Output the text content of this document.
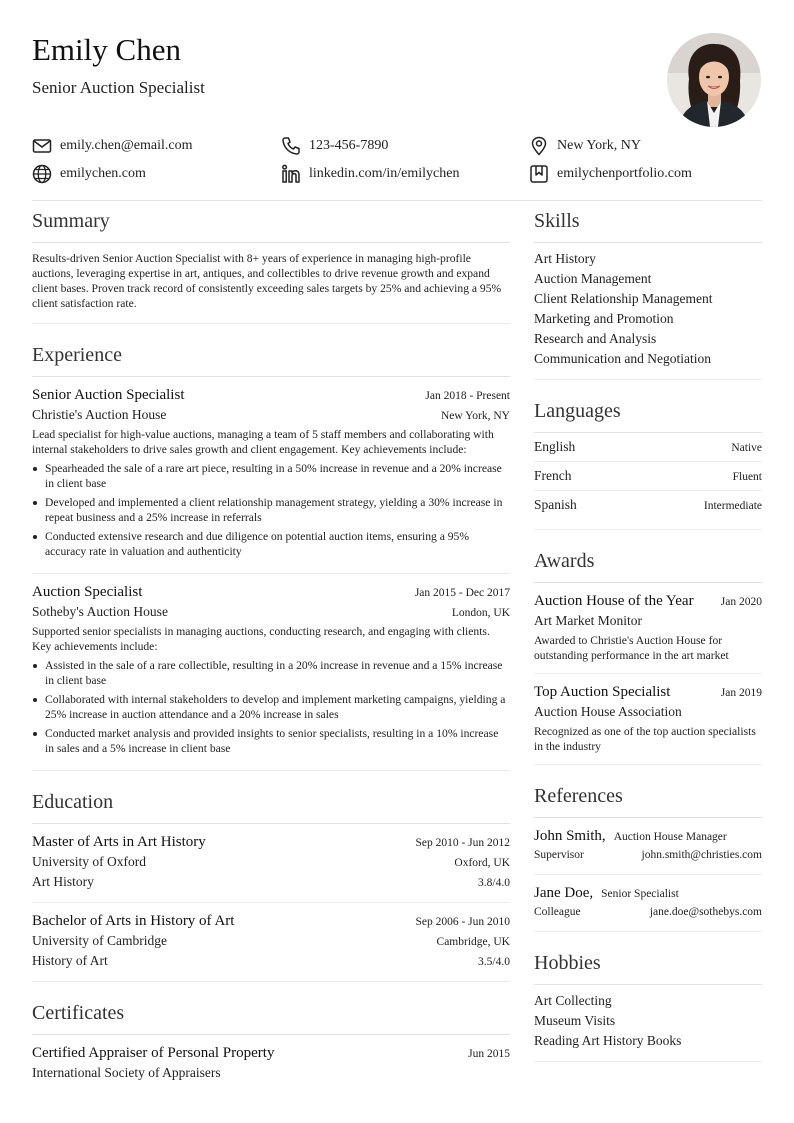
Emily Chen
Senior Auction Specialist
emily.chen@email.com	123-456-7890	New York, NY
emilychen.com	linkedin.com/in/emilychen	emilychenportfolio.com
Summary
Results-driven Senior Auction Specialist with 8+ years of experience in managing high-profile auctions, leveraging expertise in art, antiques, and collectibles to drive revenue growth and expand client bases. Proven track record of consistently exceeding sales targets by 25% and achieving a 95% client satisfaction rate.
Experience
Senior Auction Specialist	Jan 2018 - Present
Christie's Auction House	New York, NY
Lead specialist for high-value auctions, managing a team of 5 staff members and collaborating with internal stakeholders to drive sales growth and client engagement. Key achievements include:
Spearheaded the sale of a rare art piece, resulting in a 50% increase in revenue and a 20% increase in client base
Developed and implemented a client relationship management strategy, yielding a 30% increase in repeat business and a 25% increase in referrals
Conducted extensive research and due diligence on potential auction items, ensuring a 95% accuracy rate in valuation and authenticity
Auction Specialist	Jan 2015 - Dec 2017
Sotheby's Auction House	London, UK
Supported senior specialists in managing auctions, conducting research, and engaging with clients. Key achievements include:
Assisted in the sale of a rare collectible, resulting in a 20% increase in revenue and a 15% increase in client base
Collaborated with internal stakeholders to develop and implement marketing campaigns, yielding a 25% increase in auction attendance and a 20% increase in sales
Conducted market analysis and provided insights to senior specialists, resulting in a 10% increase in sales and a 5% increase in client base
Education
Master of Arts in Art History	Sep 2010 - Jun 2012
University of Oxford	Oxford, UK
Art History	3.8/4.0
Bachelor of Arts in History of Art	Sep 2006 - Jun 2010
University of Cambridge	Cambridge, UK
History of Art	3.5/4.0
Certificates
Certified Appraiser of Personal Property	Jun 2015
International Society of Appraisers
Skills
Art History
Auction Management
Client Relationship Management
Marketing and Promotion
Research and Analysis
Communication and Negotiation
Languages
English	Native
French	Fluent
Spanish	Intermediate
Awards
Auction House of the Year Jan 2020
Art Market Monitor
Awarded to Christie's Auction House for outstanding performance in the art market
Top Auction Specialist	Jan 2019
Auction House Association
Recognized as one of the top auction specialists in the industry
References
John Smith, Auction House Manager
Supervisor	john.smith@christies.com
Jane Doe, Senior Specialist
Colleague	jane.doe@sothebys.com
Hobbies
Art Collecting
Museum Visits
Reading Art History Books
